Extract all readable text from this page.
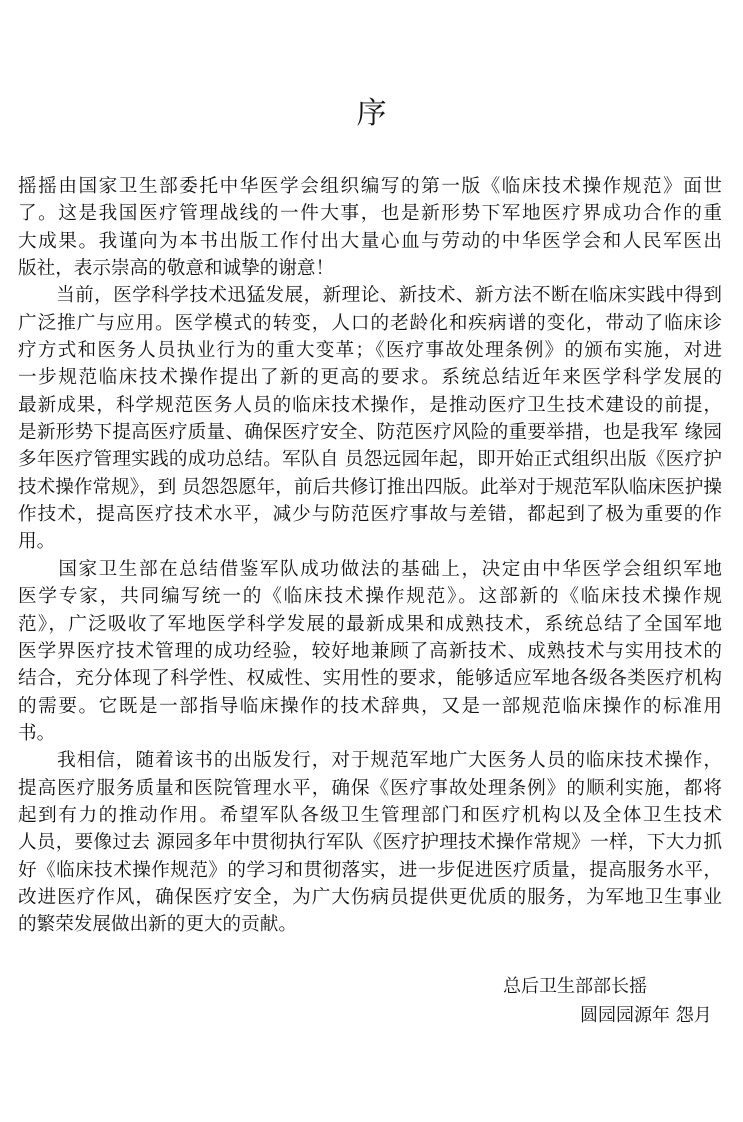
序
摇摇由国家卫生部委托中华医学会组织编写的第一版《临床技术操作规范》面世
了。这是我国医疗管理战线的一件大事，也是新形势下军地医疗界成功合作的重
大成果。我谨向为本书出版工作付出大量心血与劳动的中华医学会和人民军医出
版社，表示崇高的敬意和诚挚的谢意！
　　当前，医学科学技术迅猛发展，新理论、新技术、新方法不断在临床实践中得到
广泛推广与应用。医学模式的转变，人口的老龄化和疾病谱的变化，带动了临床诊
疗方式和医务人员执业行为的重大变革；《医疗事故处理条例》的颁布实施，对进
一步规范临床技术操作提出了新的更高的要求。系统总结近年来医学科学发展的
最新成果，科学规范医务人员的临床技术操作，是推动医疗卫生技术建设的前提，
是新形势下提高医疗质量、确保医疗安全、防范医疗风险的重要举措，也是我军 缘园
多年医疗管理实践的成功总结。军队自 员怨远园年起，即开始正式组织出版《医疗护
技术操作常规》，到 员怨怨愿年，前后共修订推出四版。此举对于规范军队临床医护操
作技术，提高医疗技术水平，减少与防范医疗事故与差错，都起到了极为重要的作
用。
　　国家卫生部在总结借鉴军队成功做法的基础上，决定由中华医学会组织军地
医学专家，共同编写统一的《临床技术操作规范》。这部新的《临床技术操作规
范》，广泛吸收了军地医学科学发展的最新成果和成熟技术，系统总结了全国军地
医学界医疗技术管理的成功经验，较好地兼顾了高新技术、成熟技术与实用技术的
结合，充分体现了科学性、权威性、实用性的要求，能够适应军地各级各类医疗机构
的需要。它既是一部指导临床操作的技术辞典，又是一部规范临床操作的标准用
书。
　　我相信，随着该书的出版发行，对于规范军地广大医务人员的临床技术操作，
提高医疗服务质量和医院管理水平，确保《医疗事故处理条例》的顺利实施，都将
起到有力的推动作用。希望军队各级卫生管理部门和医疗机构以及全体卫生技术
人员，要像过去 源园多年中贯彻执行军队《医疗护理技术操作常规》一样，下大力抓
好《临床技术操作规范》的学习和贯彻落实，进一步促进医疗质量，提高服务水平，
改进医疗作风，确保医疗安全，为广大伤病员提供更优质的服务，为军地卫生事业
的繁荣发展做出新的更大的贡献。
总后卫生部部长摇
圆园园源年 怨月
